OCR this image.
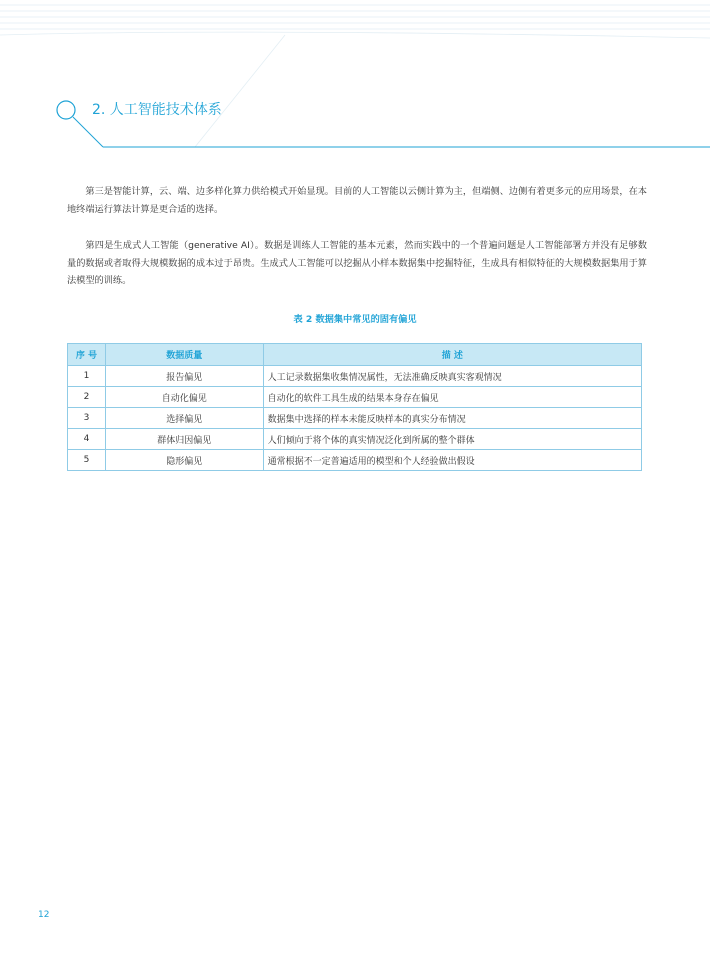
2. 人工智能技术体系

第三是智能计算，云、端、边多样化算力供给模式开始显现。目前的人工智能以云侧计算为主，但端侧、边侧有着更多元的应用场景，在本地终端运行算法计算是更合适的选择。

第四是生成式人工智能（generative AI）。数据是训练人工智能的基本元素，然而实践中的一个普遍问题是人工智能部署方并没有足够数量的数据或者取得大规模数据的成本过于昂贵。生成式人工智能可以挖掘从小样本数据集中挖掘特征，生成具有相似特征的大规模数据集用于算法模型的训练。

表 2 数据集中常见的固有偏见
序 号	数据质量	描 述
1	报告偏见	人工记录数据集收集情况属性，无法准确反映真实客观情况
2	自动化偏见	自动化的软件工具生成的结果本身存在偏见
3	选择偏见	数据集中选择的样本未能反映样本的真实分布情况
4	群体归因偏见	人们倾向于将个体的真实情况泛化到所属的整个群体
5	隐形偏见	通常根据不一定普遍适用的模型和个人经验做出假设
12
